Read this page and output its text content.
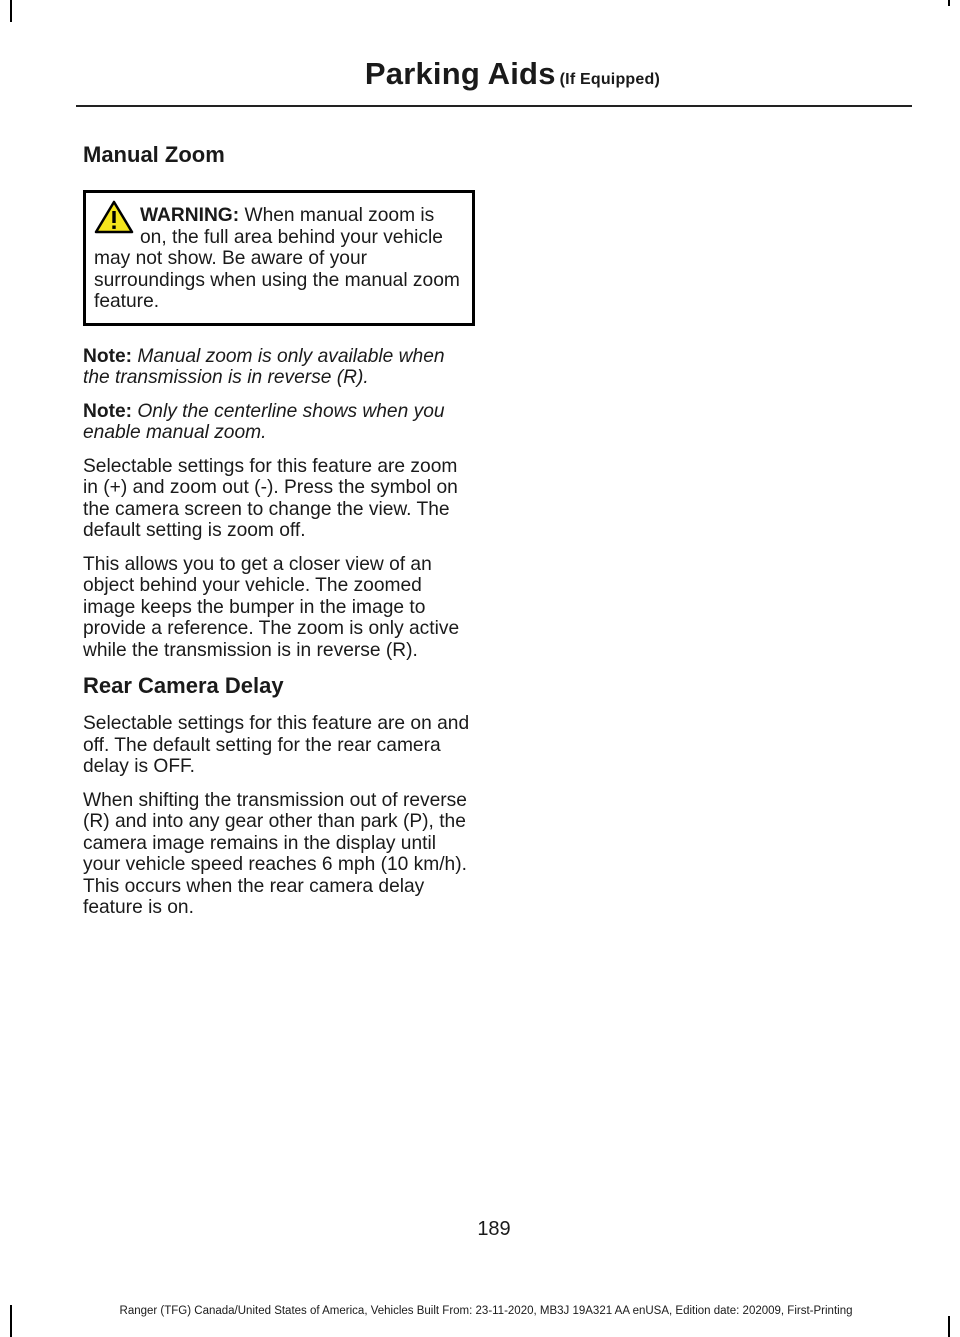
Parking Aids (If Equipped)
Manual Zoom
WARNING: When manual zoom is on, the full area behind your vehicle may not show. Be aware of your surroundings when using the manual zoom feature.

Note: Manual zoom is only available when the transmission is in reverse (R).

Note: Only the centerline shows when you enable manual zoom.

Selectable settings for this feature are zoom in (+) and zoom out (-). Press the symbol on the camera screen to change the view. The default setting is zoom off.

This allows you to get a closer view of an object behind your vehicle. The zoomed image keeps the bumper in the image to provide a reference. The zoom is only active while the transmission is in reverse (R).

Rear Camera Delay

Selectable settings for this feature are on and off. The default setting for the rear camera delay is OFF.

When shifting the transmission out of reverse (R) and into any gear other than park (P), the camera image remains in the display until your vehicle speed reaches 6 mph (10 km/h). This occurs when the rear camera delay feature is on.

189
Ranger (TFG) Canada/United States of America, Vehicles Built From: 23-11-2020, MB3J 19A321 AA enUSA, Edition date: 202009, First-Printing
